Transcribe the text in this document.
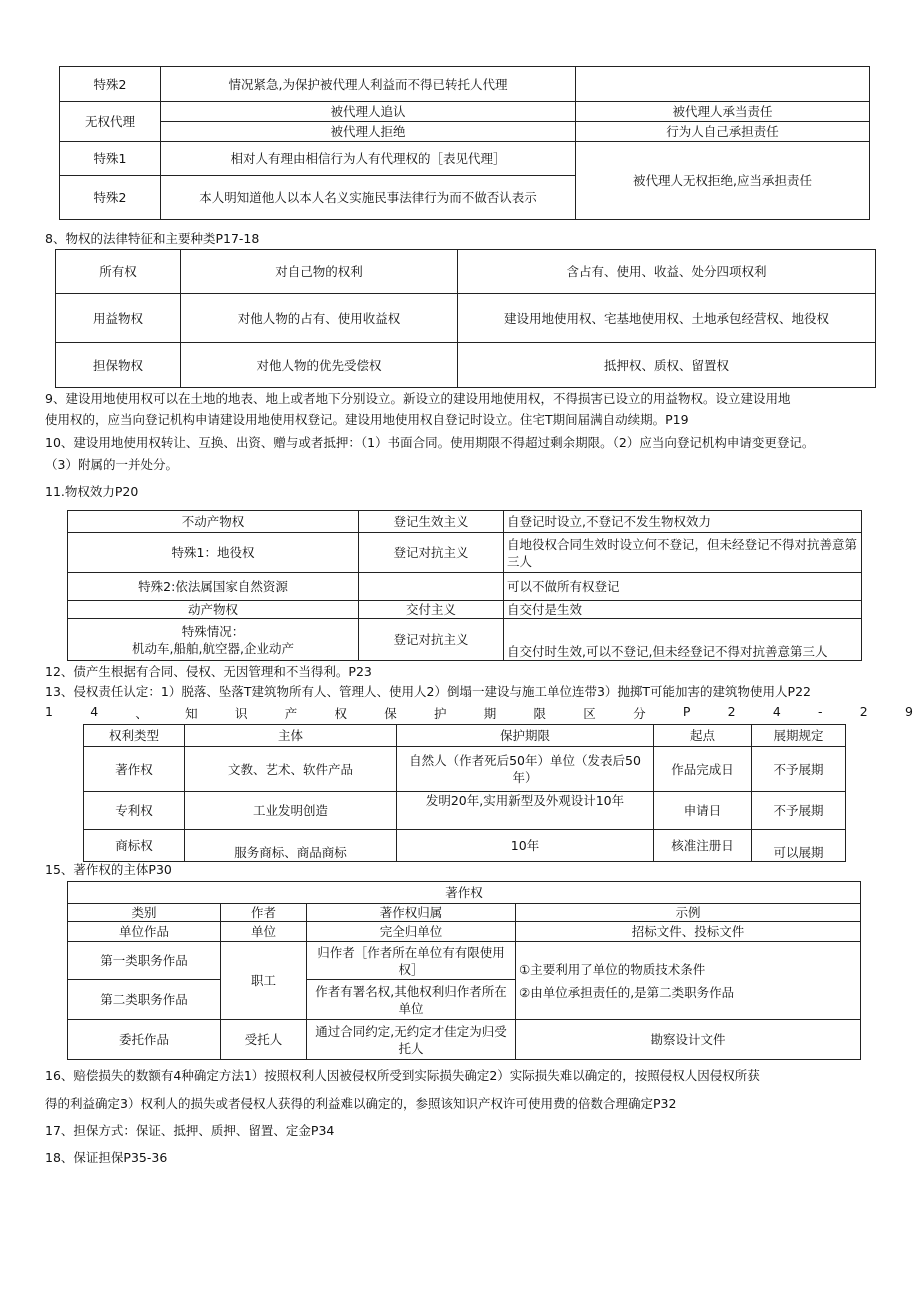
特殊2	情况紧急,为保护被代理人利益而不得已转托人代理	
无权代理	被代理人追认	被代理人承当责任
	被代理人拒绝	行为人自己承担责任
特殊1	相对人有理由相信行为人有代理权的［表见代理］	被代理人无权拒绝,应当承担责任
特殊2	本人明知道他人以本人名义实施民事法律行为而不做否认表示	
8、物权的法律特征和主要种类P17-18
所有权	对自己物的权利	含占有、使用、收益、处分四项权利
用益物权	对他人物的占有、使用收益权	建设用地使用权、宅基地使用权、土地承包经营权、地役权
担保物权	对他人物的优先受偿权	抵押权、质权、留置权
9、建设用地使用权可以在土地的地表、地上或者地下分别设立。新设立的建设用地使用权，不得损害已设立的用益物权。设立建设用地
使用权的，应当向登记机构申请建设用地使用权登记。建设用地使用权自登记时设立。住宅T期间届满自动续期。P19
10、建设用地使用权转让、互换、出资、赠与或者抵押：（1）书面合同。使用期限不得超过剩余期限。（2）应当向登记机构申请变更登记。
（3）附属的一并处分。
11.物权效力P20
不动产物权	登记生效主义	自登记时设立,不登记不发生物权效力
特殊1：地役权	登记对抗主义	自地役权合同生效时设立何不登记，但未经登记不得对抗善意第三人
特殊2:依法属国家自然资源		可以不做所有权登记
动产物权	交付主义	自交付是生效

特殊情况：
机动车,船舶,航空器,企业动产	登记对抗主义	自交付时生效,可以不登记,但未经登记不得对抗善意第三人
12、债产生根据有合同、侵权、无因管理和不当得利。P23
13、侵权责任认定：1）脱落、坠落T建筑物所有人、管理人、使用人2）倒塌一建设与施工单位连带3）抛掷T可能加害的建筑物使用人P22
1	4	、	知	识	产	权	保	护	期	限	区	分	P	2	4	-	2	9
权利类型	主体	保护期限	起点	展期规定
著作权	文教、艺术、软件产品	自然人（作者死后50年）单位（发表后50年）	作品完成日	不予展期
专利权	工业发明创造	发明20年,实用新型及外观设计10年	申请日	不予展期
商标权	服务商标、商品商标	10年	核准注册日	可以展期
15、著作权的主体P30
著作权			
类别	作者	著作权归属	示例
单位作品	单位	完全归单位	招标文件、投标文件
第一类职务作品	职工	归作者［作者所在单位有有限使用权］	①主要利用了单位的物质技术条件
②由单位承担责任的,是第二类职务作品

第二类职务作品		作者有署名权,其他权利归作者所在单位	
委托作品	受托人	通过合同约定,无约定才佳定为归受托人	勘察设计文件
16、赔偿损失的数额有4种确定方法1）按照权利人因被侵权所受到实际损失确定2）实际损失难以确定的，按照侵权人因侵权所获
得的利益确定3）权利人的损失或者侵权人获得的利益难以确定的，参照该知识产权许可使用费的倍数合理确定P32
17、担保方式：保证、抵押、质押、留置、定金P34
18、保证担保P35-36
